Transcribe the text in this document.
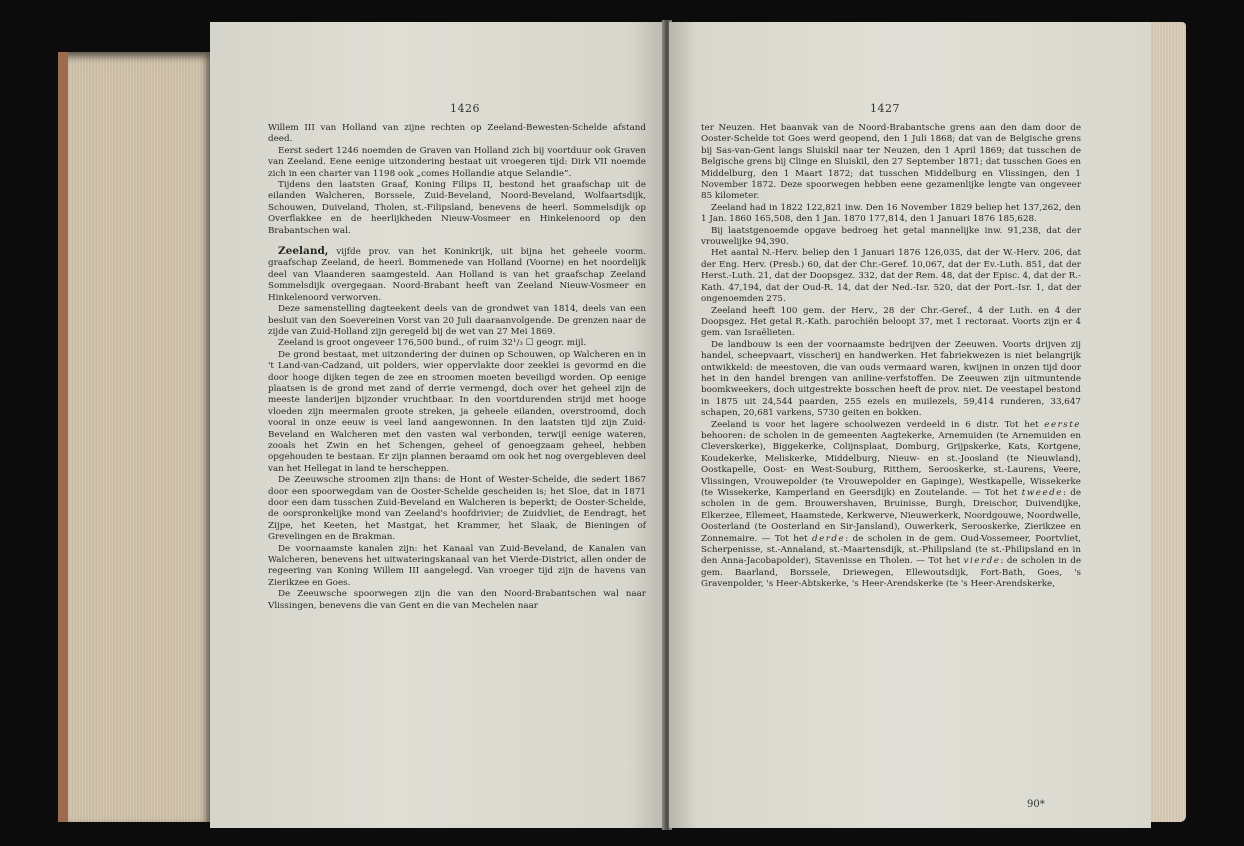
1426

Willem III van Holland van zijne rechten op Zeeland-Bewesten-Schelde afstand deed.

Eerst sedert 1246 noemden de Graven van Holland zich bij voortduur ook Graven van Zeeland. Eene eenige uitzondering bestaat uit vroegeren tijd: Dirk VII noemde zich in een charter van 1198 ook „comes Hollandie atque Selandie”.

Tijdens den laatsten Graaf, Koning Filips II, bestond het graafschap uit de eilanden Walcheren, Borssele, Zuid-Beveland, Noord-Beveland, Wolfaartsdijk, Schouwen, Duiveland, Tholen, st.-Filipsland, benevens de heerl. Sommelsdijk op Overflakkee en de heerlijkheden Nieuw-Vosmeer en Hinkelenoord op den Brabantschen wal.

Zeeland, vijfde prov. van het Koninkrijk, uit bijna het geheele voorm. graafschap Zeeland, de heerl. Bommenede van Holland (Voorne) en het noordelijk deel van Vlaanderen saamgesteld. Aan Holland is van het graafschap Zeeland Sommelsdijk overgegaan. Noord-Brabant heeft van Zeeland Nieuw-Vosmeer en Hinkelenoord verworven.

Deze samenstelling dagteekent deels van de grondwet van 1814, deels van een besluit van den Soevereinen Vorst van 20 Juli daaraanvolgende. De grenzen naar de zijde van Zuid-Holland zijn geregeld bij de wet van 27 Mei 1869.

Zeeland is groot ongeveer 176,500 bund., of ruim 32¹/₃ ☐ geogr. mijl.

De grond bestaat, met uitzondering der duinen op Schouwen, op Walcheren en in 't Land-van-Cadzand, uit polders, wier oppervlakte door zeeklei is gevormd en die door hooge dijken tegen de zee en stroomen moeten beveiligd worden. Op eenige plaatsen is de grond met zand of derrie vermengd, doch over het geheel zijn de meeste landerijen bijzonder vruchtbaar. In den voortdurenden strijd met hooge vloeden zijn meermalen groote streken, ja geheele eilanden, overstroomd, doch vooral in onze eeuw is veel land aangewonnen. In den laatsten tijd zijn Zuid-Beveland en Walcheren met den vasten wal verbonden, terwijl eenige wateren, zooals het Zwin en het Schengen, geheel of genoegzaam geheel, hebben opgehouden te bestaan. Er zijn plannen beraamd om ook het nog overgebleven deel van het Hellegat in land te herscheppen.

De Zeeuwsche stroomen zijn thans: de Hont of Wester-Schelde, die sedert 1867 door een spoorwegdam van de Ooster-Schelde gescheiden is; het Sloe, dat in 1871 door een dam tusschen Zuid-Beveland en Walcheren is beperkt; de Ooster-Schelde, de oorspronkelijke mond van Zeeland's hoofdrivier; de Zuidvliet, de Eendragt, het Zijpe, het Keeten, het Mastgat, het Krammer, het Slaak, de Bieningen of Grevelingen en de Brakman.

De voornaamste kanalen zijn: het Kanaal van Zuid-Beveland, de Kanalen van Walcheren, benevens het uitwateringskanaal van het Vierde-District, allen onder de regeering van Koning Willem III aangelegd. Van vroeger tijd zijn de havens van Zierikzee en Goes.

De Zeeuwsche spoorwegen zijn die van den Noord-Brabantschen wal naar Vlissingen, benevens die van Gent en die van Mechelen naar

1427

ter Neuzen. Het baanvak van de Noord-Brabantsche grens aan den dam door de Ooster-Schelde tot Goes werd geopend, den 1 Juli 1868; dat van de Belgische grens bij Sas-van-Gent langs Sluiskil naar ter Neuzen, den 1 April 1869; dat tusschen de Belgische grens bij Clinge en Sluiskil, den 27 September 1871; dat tusschen Goes en Middelburg, den 1 Maart 1872; dat tusschen Middelburg en Vlissingen, den 1 November 1872. Deze spoorwegen hebben eene gezamenlijke lengte van ongeveer 85 kilometer.

Zeeland had in 1822 122,821 inw. Den 16 November 1829 beliep het 137,262, den 1 Jan. 1860 165,508, den 1 Jan. 1870 177,814, den 1 Januari 1876 185,628.

Bij laatstgenoemde opgave bedroeg het getal mannelijke inw. 91,238, dat der vrouwelijke 94,390.

Het aantal N.-Herv. beliep den 1 Januari 1876 126,035, dat der W.-Herv. 206, dat der Eng. Herv. (Presb.) 60, dat der Chr.-Geref. 10,067, dat der Ev.-Luth. 851, dat der Herst.-Luth. 21, dat der Doopsgez. 332, dat der Rem. 48, dat der Episc. 4, dat der R.-Kath. 47,194, dat der Oud-R. 14, dat der Ned.-Isr. 520, dat der Port.-Isr. 1, dat der ongenoemden 275.

Zeeland heeft 100 gem. der Herv., 28 der Chr.-Geref., 4 der Luth. en 4 der Doopsgez. Het getal R.-Kath. parochiën beloopt 37, met 1 rectoraat. Voorts zijn er 4 gem. van Israëlieten.

De landbouw is een der voornaamste bedrijven der Zeeuwen. Voorts drijven zij handel, scheepvaart, visscherij en handwerken. Het fabriekwezen is niet belangrijk ontwikkeld: de meestoven, die van ouds vermaard waren, kwijnen in onzen tijd door het in den handel brengen van aniline-verfstoffen. De Zeeuwen zijn uitmuntende boomkweekers, doch uitgestrekte bosschen heeft de prov. niet. De veestapel bestond in 1875 uit 24,544 paarden, 255 ezels en muilezels, 59,414 runderen, 33,647 schapen, 20,681 varkens, 5730 geiten en bokken.

Zeeland is voor het lagere schoolwezen verdeeld in 6 distr. Tot het eerste behooren: de scholen in de gemeenten Aagtekerke, Arnemuiden (te Arnemuiden en Cleverskerke), Biggekerke, Colijnsplaat, Domburg, Grijpskerke, Kats, Kortgene, Koudekerke, Meliskerke, Middelburg, Nieuw- en st.-Joosland (te Nieuwland), Oostkapelle, Oost- en West-Souburg, Ritthem, Serooskerke, st.-Laurens, Veere, Vlissingen, Vrouwepolder (te Vrouwepolder en Gapinge), Westkapelle, Wissekerke (te Wissekerke, Kamperland en Geersdijk) en Zoutelande. — Tot het tweede: de scholen in de gem. Brouwershaven, Bruinisse, Burgh, Dreischor, Duivendijke, Elkerzee, Ellemeet, Haamstede, Kerkwerve, Nieuwerkerk, Noordgouwe, Noordwelle, Oosterland (te Oosterland en Sir-Jansland), Ouwerkerk, Serooskerke, Zierikzee en Zonnemaire. — Tot het derde: de scholen in de gem. Oud-Vossemeer, Poortvliet, Scherpenisse, st.-Annaland, st.-Maartensdijk, st.-Philipsland (te st.-Philipsland en in den Anna-Jacobapolder), Stavenisse en Tholen. — Tot het vierde: de scholen in de gem. Baarland, Borssele, Driewegen, Ellewoutsdijk, Fort-Bath, Goes, 's Gravenpolder, 's Heer-Abtskerke, 's Heer-Arendskerke (te 's Heer-Arendskerke,

90*
